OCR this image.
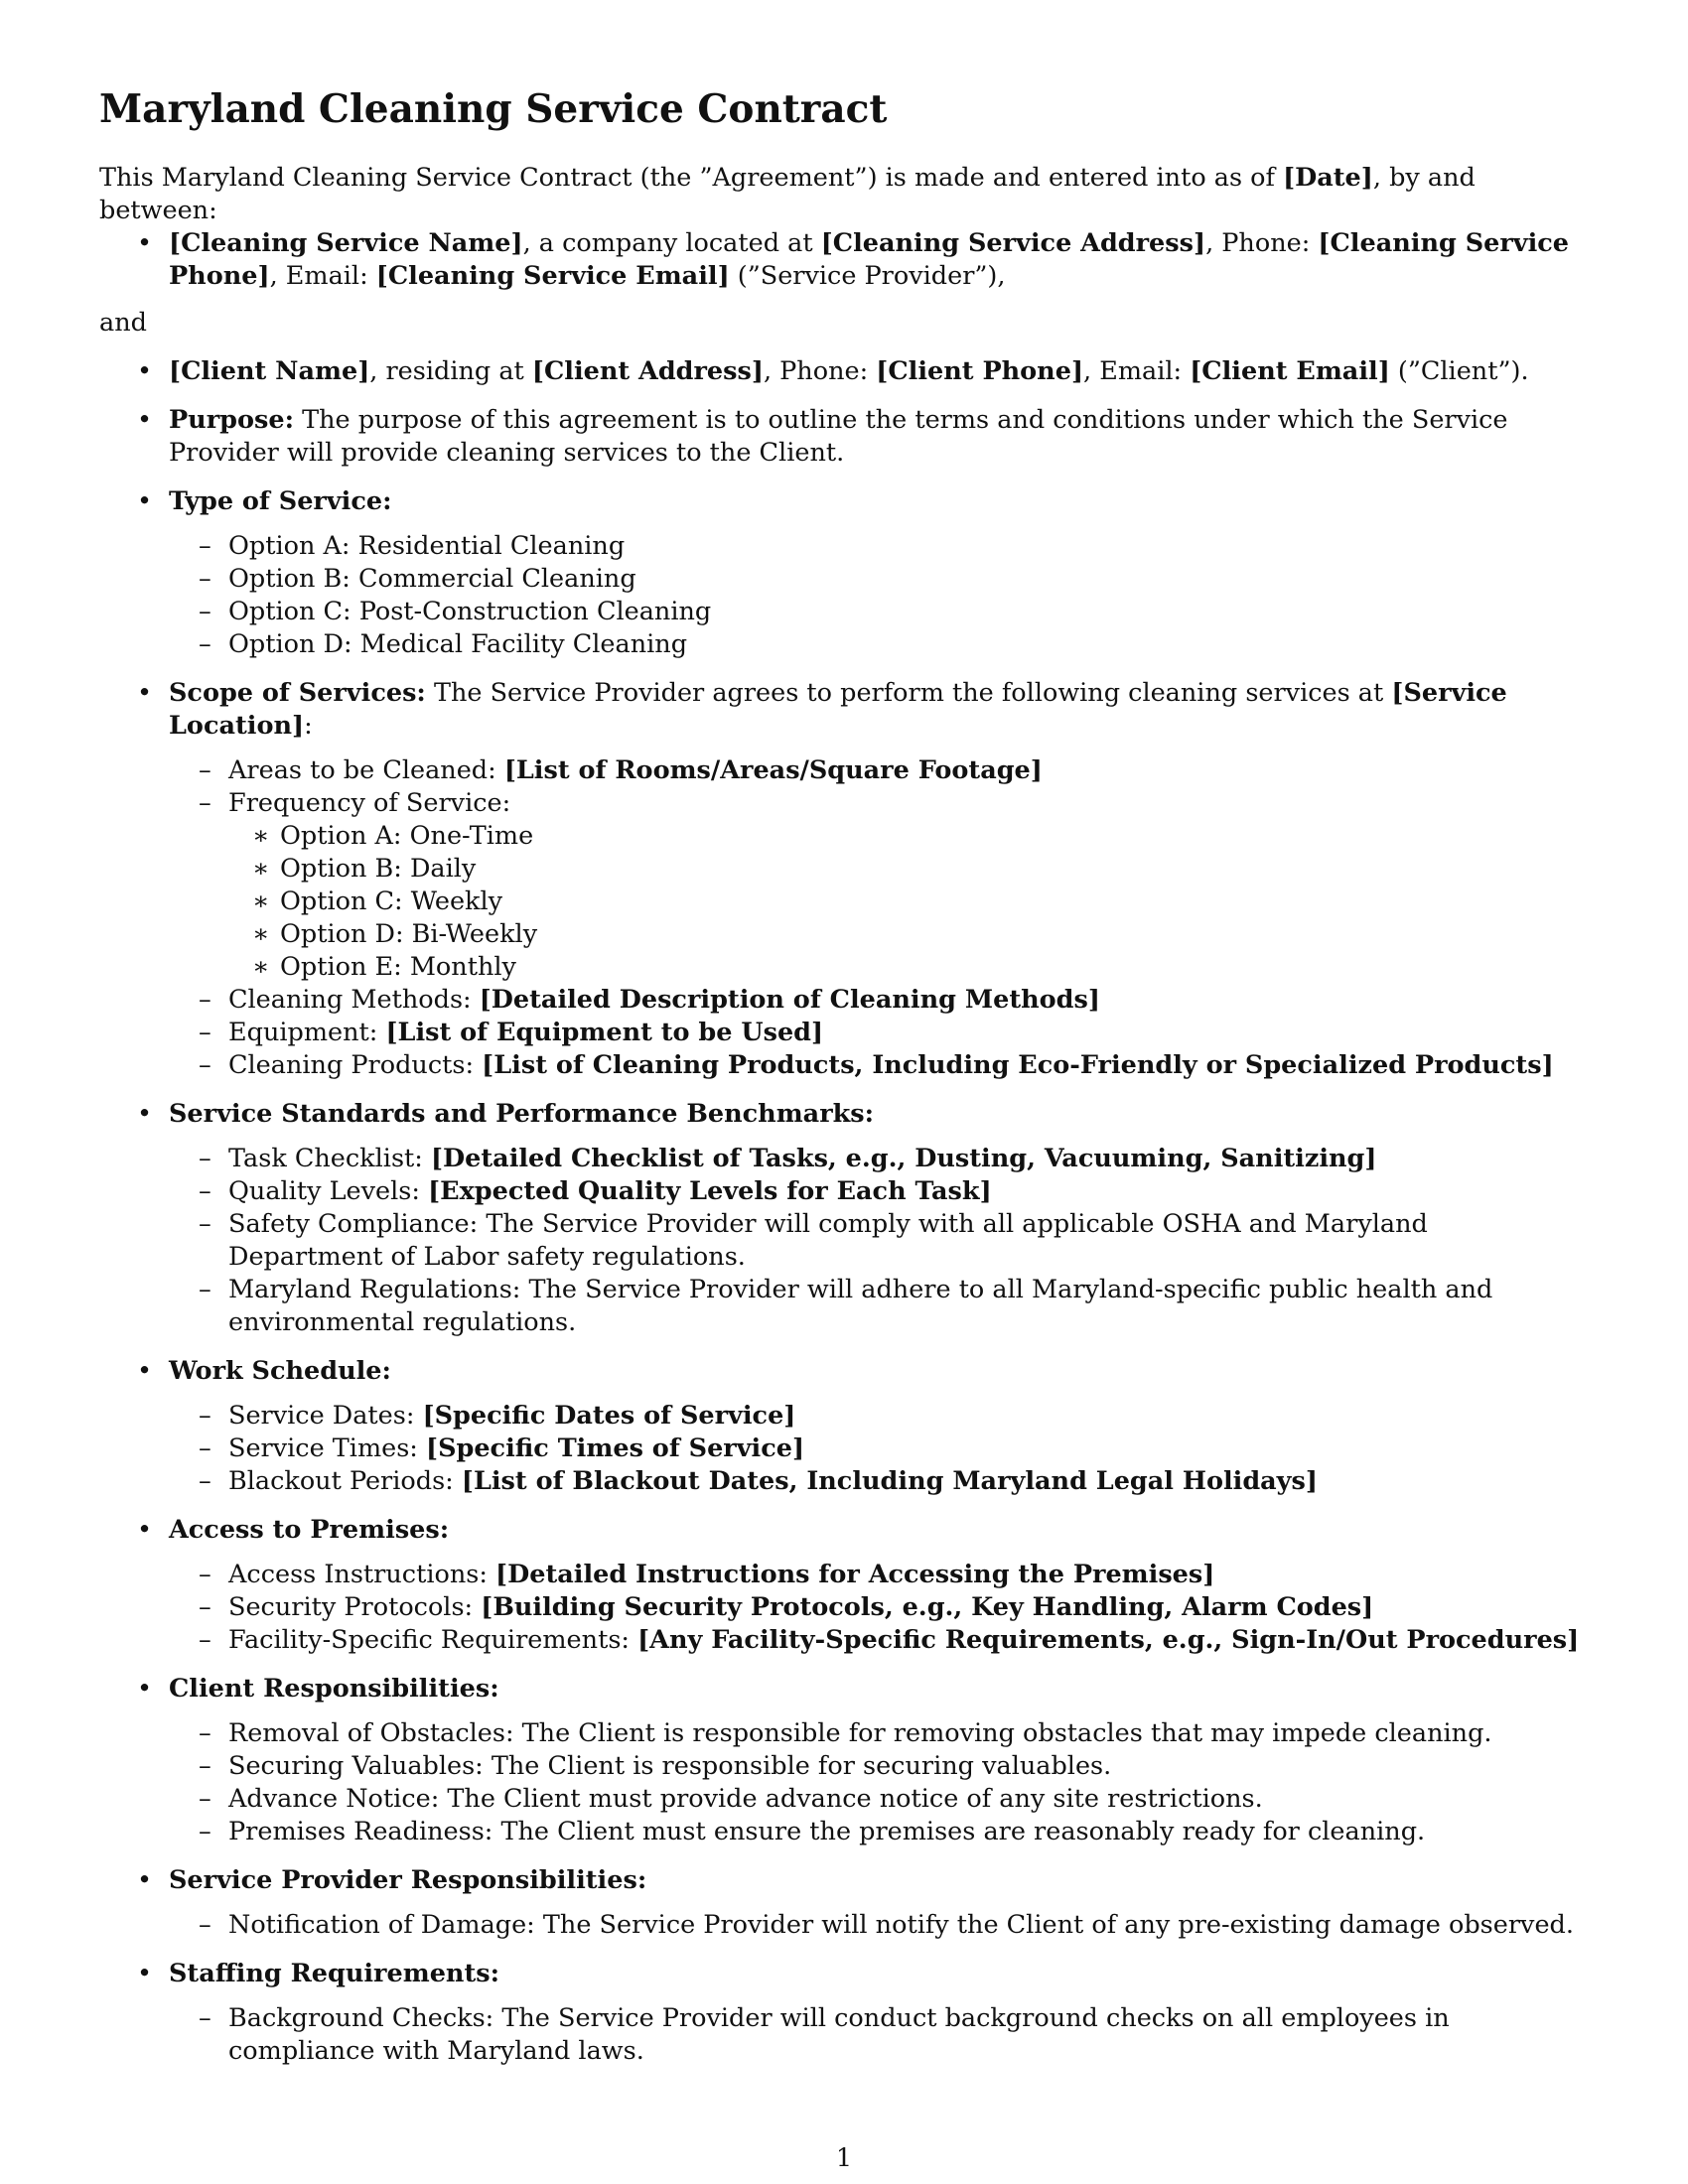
Maryland Cleaning Service Contract

This Maryland Cleaning Service Contract (the ”Agreement”) is made and entered into as of [Date], by and between:

• [Cleaning Service Name], a company located at [Cleaning Service Address], Phone: [Cleaning Service Phone], Email: [Cleaning Service Email] (”Service Provider”),

and

• [Client Name], residing at [Client Address], Phone: [Client Phone], Email: [Client Email] (”Client”).
• Purpose: The purpose of this agreement is to outline the terms and conditions under which the Service Provider will provide cleaning services to the Client.
• Type of Service:
– Option A: Residential Cleaning
– Option B: Commercial Cleaning
– Option C: Post-Construction Cleaning
– Option D: Medical Facility Cleaning
• Scope of Services: The Service Provider agrees to perform the following cleaning services at [Service Location]:
– Areas to be Cleaned: [List of Rooms/Areas/Square Footage]
– Frequency of Service:
∗ Option A: One-Time
∗ Option B: Daily
∗ Option C: Weekly
∗ Option D: Bi-Weekly
∗ Option E: Monthly
– Cleaning Methods: [Detailed Description of Cleaning Methods]
– Equipment: [List of Equipment to be Used]
– Cleaning Products: [List of Cleaning Products, Including Eco-Friendly or Specialized Products]
• Service Standards and Performance Benchmarks:
– Task Checklist: [Detailed Checklist of Tasks, e.g., Dusting, Vacuuming, Sanitizing]
– Quality Levels: [Expected Quality Levels for Each Task]
– Safety Compliance: The Service Provider will comply with all applicable OSHA and Maryland Department of Labor safety regulations.
– Maryland Regulations: The Service Provider will adhere to all Maryland-specific public health and environmental regulations.
• Work Schedule:
– Service Dates: [Specific Dates of Service]
– Service Times: [Specific Times of Service]
– Blackout Periods: [List of Blackout Dates, Including Maryland Legal Holidays]
• Access to Premises:
– Access Instructions: [Detailed Instructions for Accessing the Premises]
– Security Protocols: [Building Security Protocols, e.g., Key Handling, Alarm Codes]
– Facility-Specific Requirements: [Any Facility-Specific Requirements, e.g., Sign-In/Out Procedures]
• Client Responsibilities:
– Removal of Obstacles: The Client is responsible for removing obstacles that may impede cleaning.
– Securing Valuables: The Client is responsible for securing valuables.
– Advance Notice: The Client must provide advance notice of any site restrictions.
– Premises Readiness: The Client must ensure the premises are reasonably ready for cleaning.
• Service Provider Responsibilities:
– Notification of Damage: The Service Provider will notify the Client of any pre-existing damage observed.
• Staffing Requirements:
– Background Checks: The Service Provider will conduct background checks on all employees in compliance with Maryland laws.
1
